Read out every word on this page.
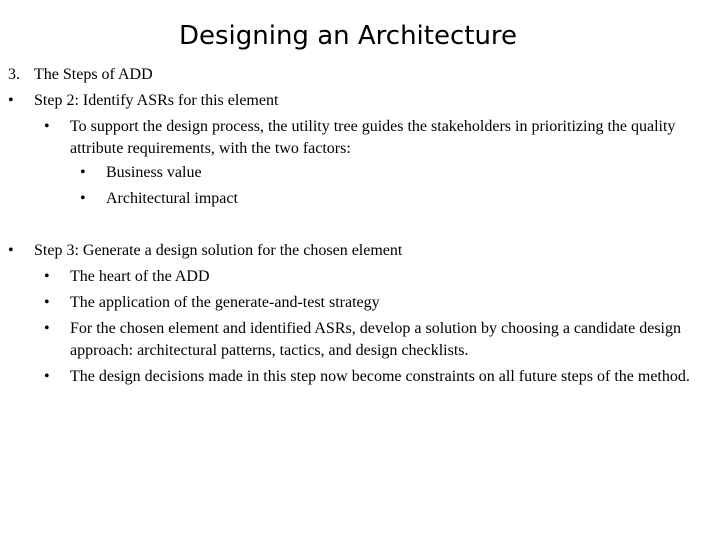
Designing an Architecture
3. The Steps of ADD
• Step 2: Identify ASRs for this element
• To support the design process, the utility tree guides the stakeholders in prioritizing the quality attribute requirements, with the two factors:
• Business value
• Architectural impact
• Step 3: Generate a design solution for the chosen element
• The heart of the ADD
• The application of the generate-and-test strategy
• For the chosen element and identified ASRs, develop a solution by choosing a candidate design approach: architectural patterns, tactics, and design checklists.
• The design decisions made in this step now become constraints on all future steps of the method.
